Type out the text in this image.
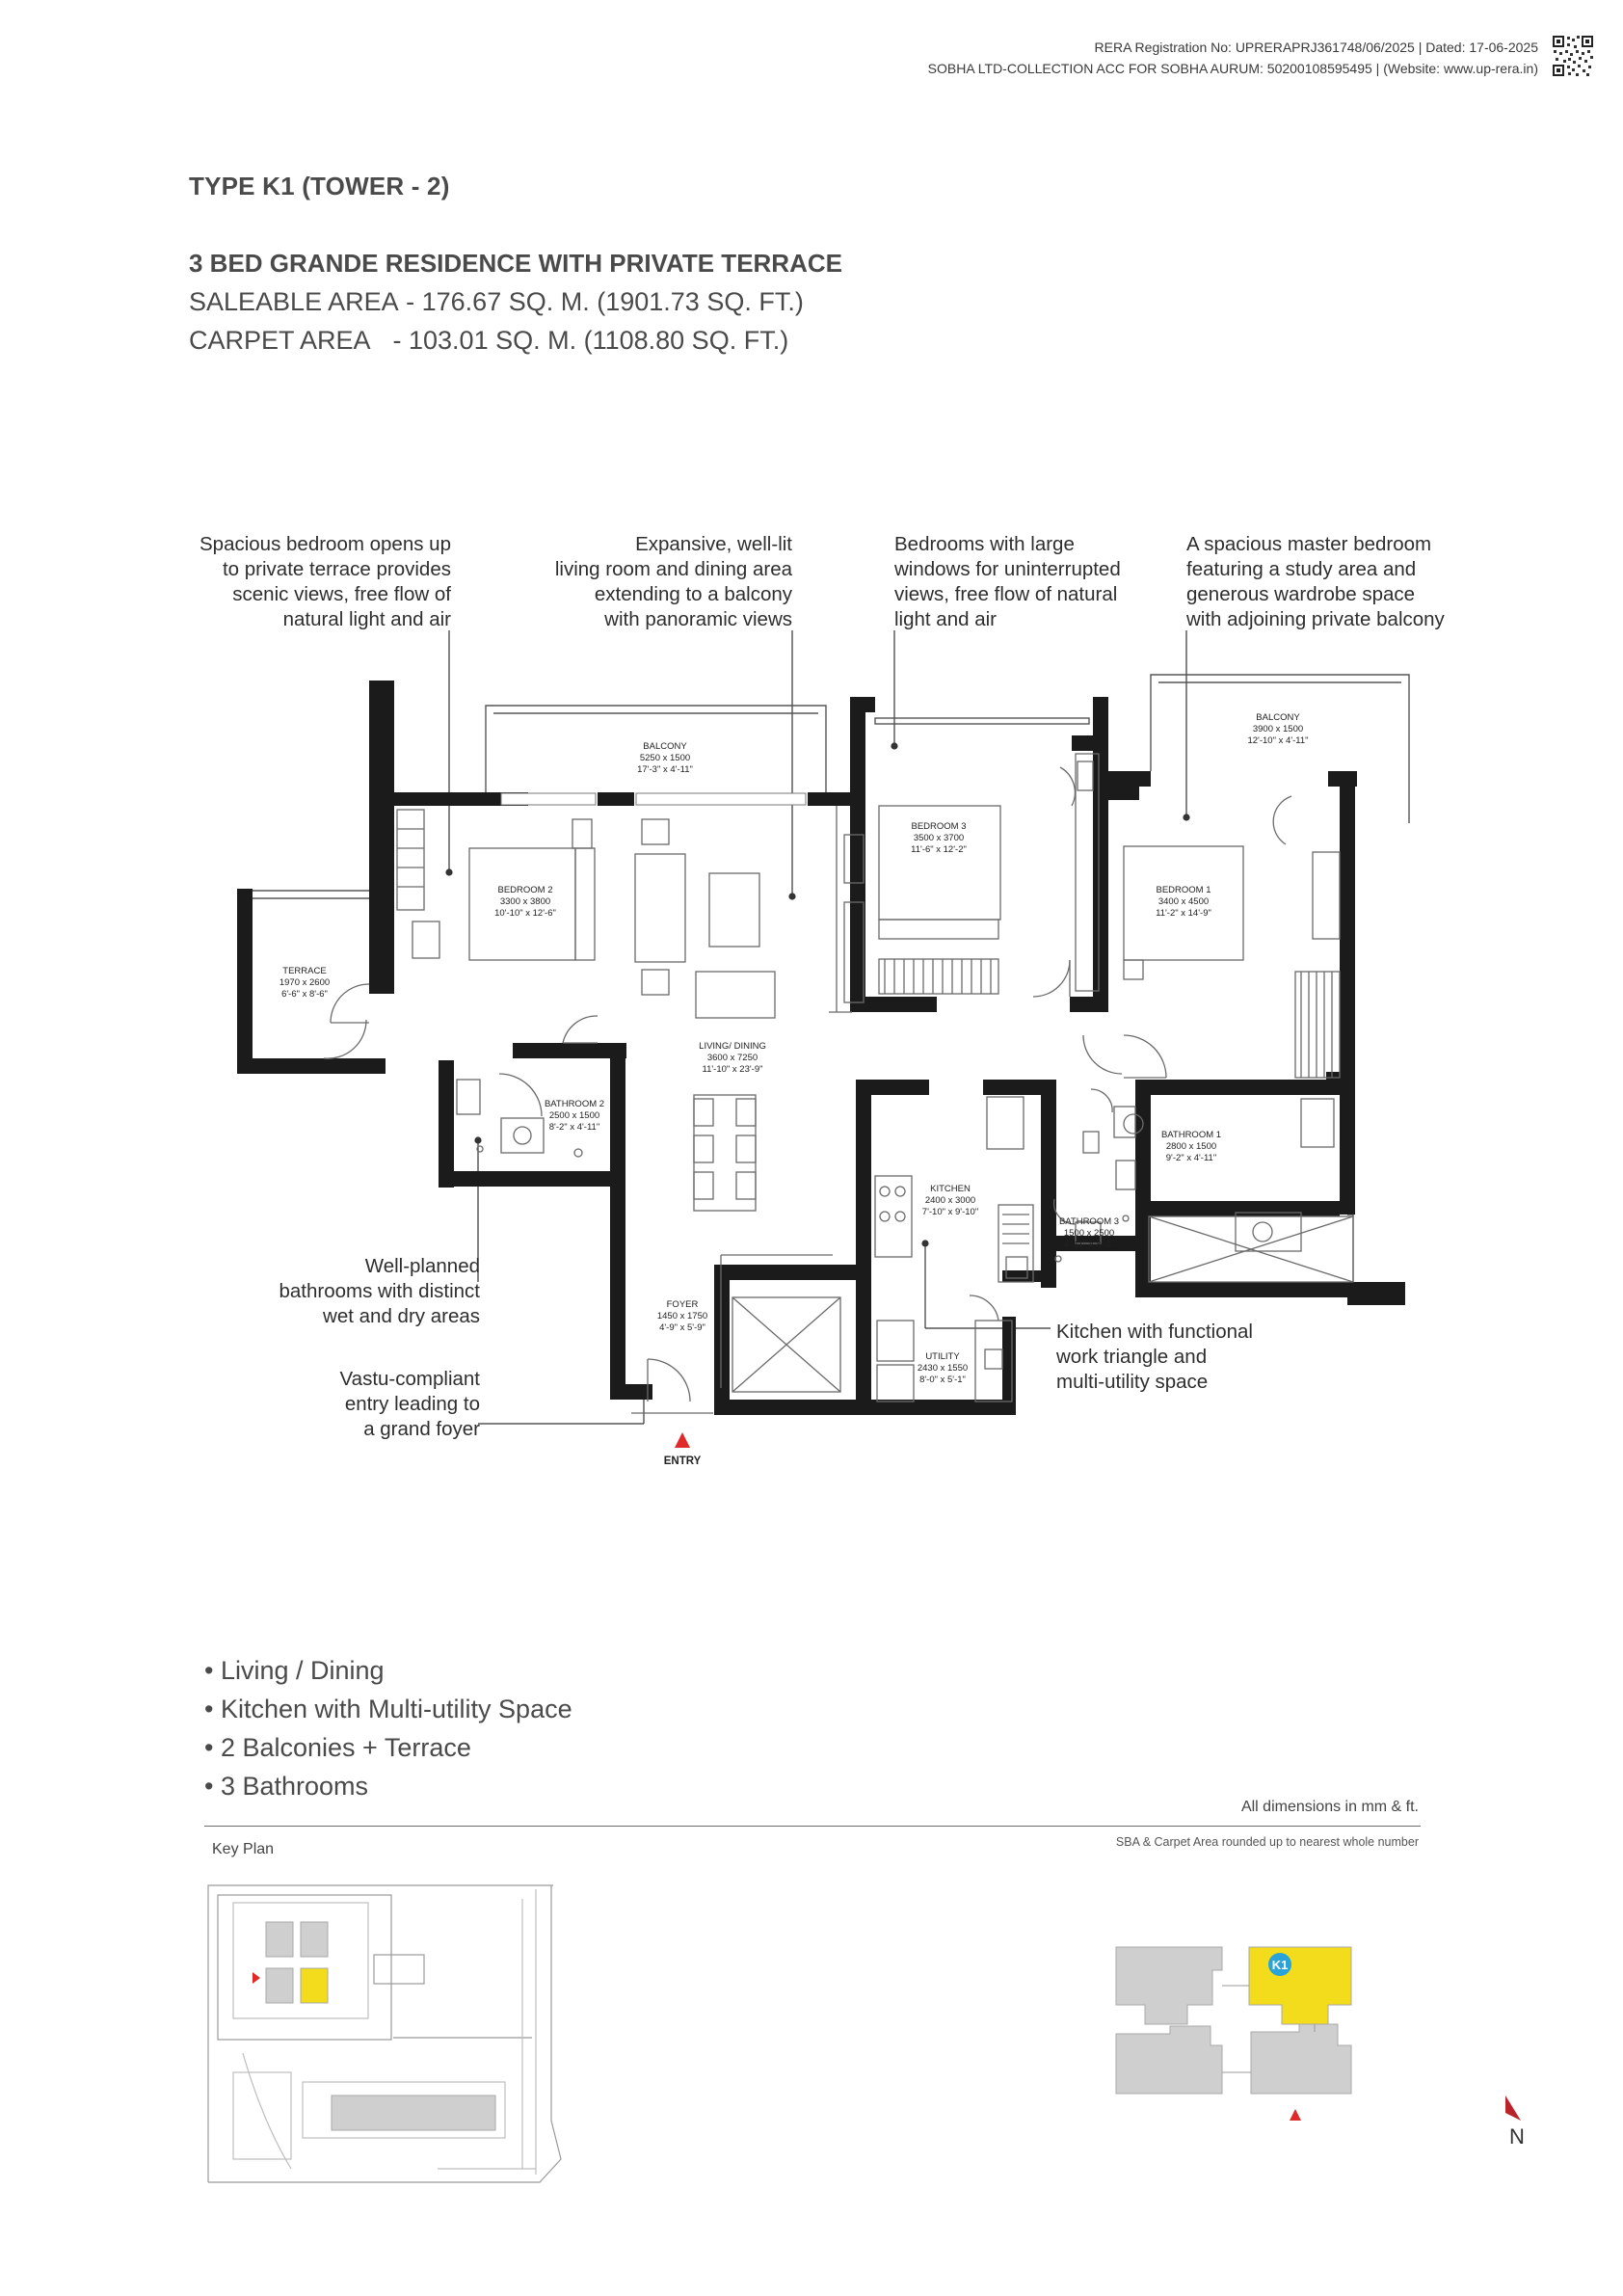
RERA Registration No: UPRERAPRJ361748/06/2025 | Dated: 17-06-2025
SOBHA LTD-COLLECTION ACC FOR SOBHA AURUM: 50200108595495 | (Website: www.up-rera.in)
TYPE K1 (TOWER - 2)
3 BED GRANDE RESIDENCE WITH PRIVATE TERRACE
SALEABLE AREA - 176.67 SQ. M. (1901.73 SQ. FT.)
CARPET AREA - 103.01 SQ. M. (1108.80 SQ. FT.)
Spacious bedroom opens up
to private terrace provides
scenic views, free flow of
natural light and air
Expansive, well-lit
living room and dining area
extending to a balcony
with panoramic views
Bedrooms with large
windows for uninterrupted
views, free flow of natural
light and air
A spacious master bedroom
featuring a study area and
generous wardrobe space
with adjoining private balcony
Well-planned
bathrooms with distinct
wet and dry areas
Vastu-compliant
entry leading to
a grand foyer
Kitchen with functional
work triangle and
multi-utility space
BALCONY
5250 x 1500
17'-3" x 4'-11"
BALCONY
3900 x 1500
12'-10" x 4'-11"
BEDROOM 2
3300 x 3800
10'-10" x 12'-6"
BEDROOM 3
3500 x 3700
11'-6" x 12'-2"
BEDROOM 1
3400 x 4500
11'-2" x 14'-9"
TERRACE
1970 x 2600
6'-6" x 8'-6"
LIVING/ DINING
3600 x 7250
11'-10" x 23'-9"
BATHROOM 2
2500 x 1500
8'-2" x 4'-11"
BATHROOM 1
2800 x 1500
9'-2" x 4'-11"
KITCHEN
2400 x 3000
7'-10" x 9'-10"
BATHROOM 3
1500 x 2500
4'-11" x 8'-2"
FOYER
1450 x 1750
4'-9" x 5'-9"
UTILITY
2430 x 1550
8'-0" x 5'-1"
ENTRY
• Living / Dining
• Kitchen with Multi-utility Space
• 2 Balconies + Terrace
• 3 Bathrooms
All dimensions in mm & ft.
SBA & Carpet Area rounded up to nearest whole number
Key Plan
K1
N
